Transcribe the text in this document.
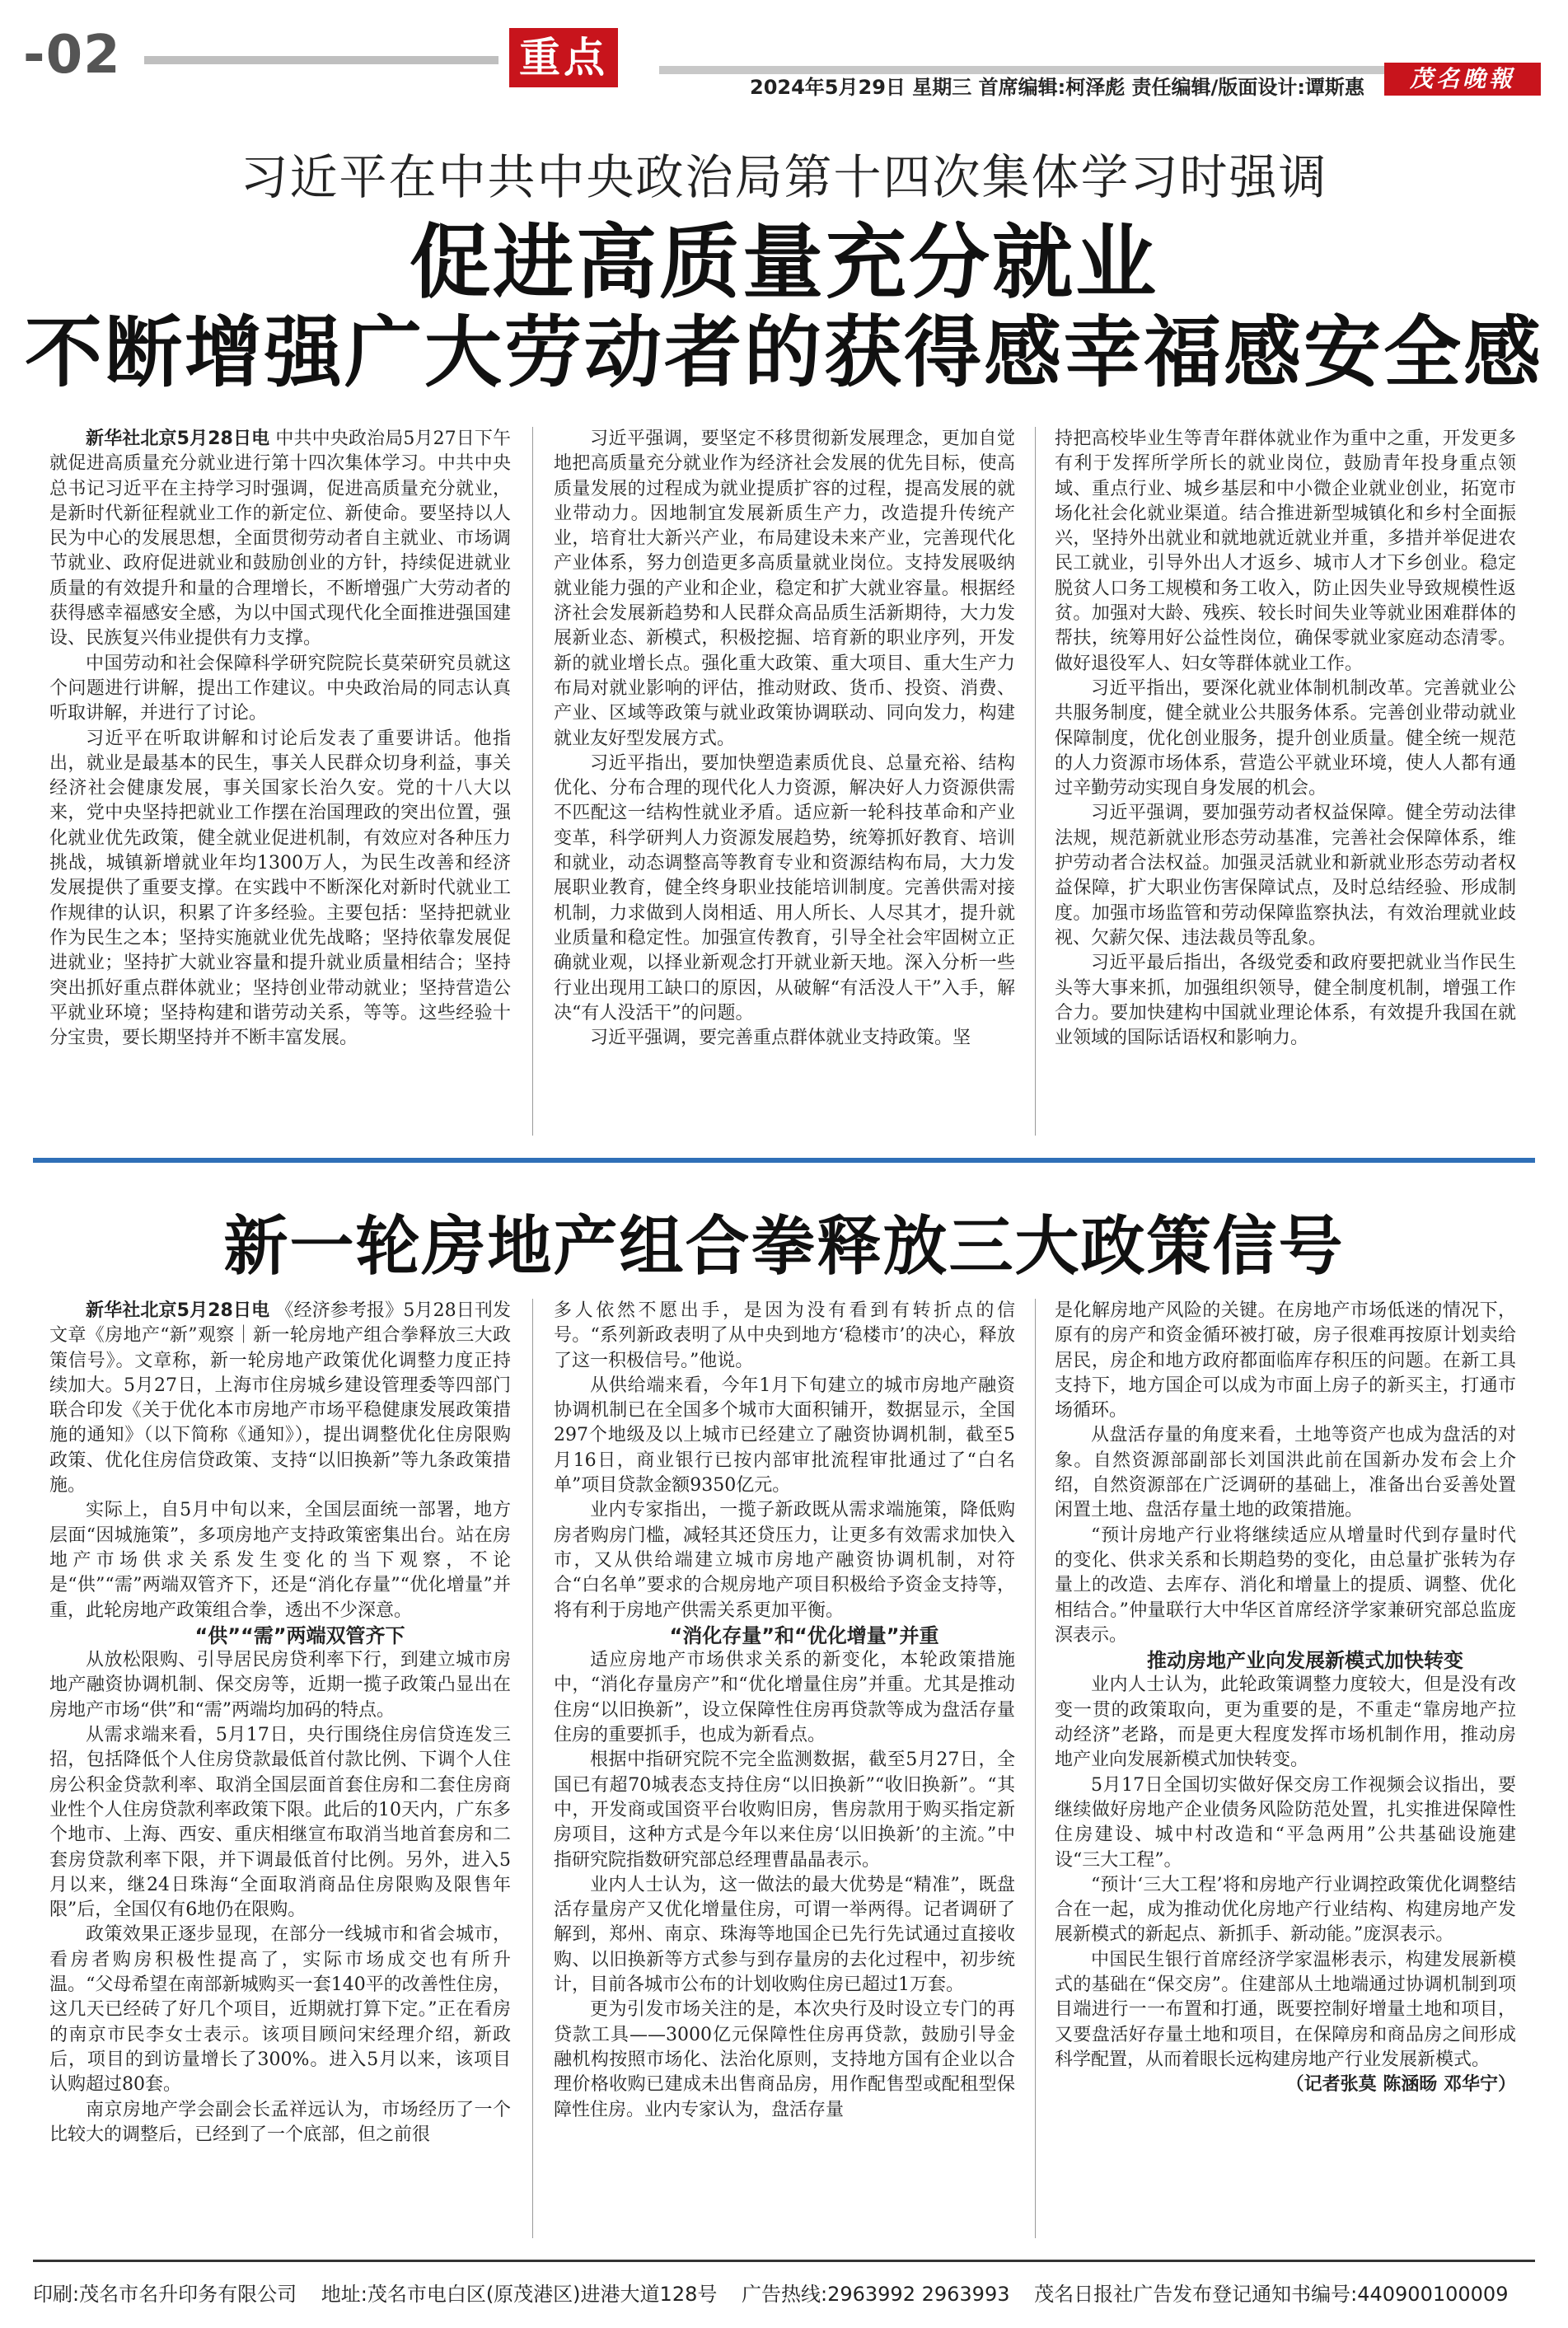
-02	重点
2024年5月29日 星期三 首席编辑:柯泽彪 责任编辑/版面设计:谭斯惠	茂名晚報
习近平在中共中央政治局第十四次集体学习时强调
促进高质量充分就业
不断增强广大劳动者的获得感幸福感安全感

新华社北京5月28日电 中共中央政治局5月27日下午就促进高质量充分就业进行第十四次集体学习。中共中央总书记习近平在主持学习时强调，促进高质量充分就业，是新时代新征程就业工作的新定位、新使命。要坚持以人民为中心的发展思想，全面贯彻劳动者自主就业、市场调节就业、政府促进就业和鼓励创业的方针，持续促进就业质量的有效提升和量的合理增长，不断增强广大劳动者的获得感幸福感安全感，为以中国式现代化全面推进强国建设、民族复兴伟业提供有力支撑。

中国劳动和社会保障科学研究院院长莫荣研究员就这个问题进行讲解，提出工作建议。中央政治局的同志认真听取讲解，并进行了讨论。

习近平在听取讲解和讨论后发表了重要讲话。他指出，就业是最基本的民生，事关人民群众切身利益，事关经济社会健康发展，事关国家长治久安。党的十八大以来，党中央坚持把就业工作摆在治国理政的突出位置，强化就业优先政策，健全就业促进机制，有效应对各种压力挑战，城镇新增就业年均1300万人，为民生改善和经济发展提供了重要支撑。在实践中不断深化对新时代就业工作规律的认识，积累了许多经验。主要包括：坚持把就业作为民生之本；坚持实施就业优先战略；坚持依靠发展促进就业；坚持扩大就业容量和提升就业质量相结合；坚持突出抓好重点群体就业；坚持创业带动就业；坚持营造公平就业环境；坚持构建和谐劳动关系，等等。这些经验十分宝贵，要长期坚持并不断丰富发展。

习近平强调，要坚定不移贯彻新发展理念，更加自觉地把高质量充分就业作为经济社会发展的优先目标，使高质量发展的过程成为就业提质扩容的过程，提高发展的就业带动力。因地制宜发展新质生产力，改造提升传统产业，培育壮大新兴产业，布局建设未来产业，完善现代化产业体系，努力创造更多高质量就业岗位。支持发展吸纳就业能力强的产业和企业，稳定和扩大就业容量。根据经济社会发展新趋势和人民群众高品质生活新期待，大力发展新业态、新模式，积极挖掘、培育新的职业序列，开发新的就业增长点。强化重大政策、重大项目、重大生产力布局对就业影响的评估，推动财政、货币、投资、消费、产业、区域等政策与就业政策协调联动、同向发力，构建就业友好型发展方式。

习近平指出，要加快塑造素质优良、总量充裕、结构优化、分布合理的现代化人力资源，解决好人力资源供需不匹配这一结构性就业矛盾。适应新一轮科技革命和产业变革，科学研判人力资源发展趋势，统筹抓好教育、培训和就业，动态调整高等教育专业和资源结构布局，大力发展职业教育，健全终身职业技能培训制度。完善供需对接机制，力求做到人岗相适、用人所长、人尽其才，提升就业质量和稳定性。加强宣传教育，引导全社会牢固树立正确就业观，以择业新观念打开就业新天地。深入分析一些行业出现用工缺口的原因，从破解“有活没人干”入手，解决“有人没活干”的问题。

习近平强调，要完善重点群体就业支持政策。坚

持把高校毕业生等青年群体就业作为重中之重，开发更多有利于发挥所学所长的就业岗位，鼓励青年投身重点领域、重点行业、城乡基层和中小微企业就业创业，拓宽市场化社会化就业渠道。结合推进新型城镇化和乡村全面振兴，坚持外出就业和就地就近就业并重，多措并举促进农民工就业，引导外出人才返乡、城市人才下乡创业。稳定脱贫人口务工规模和务工收入，防止因失业导致规模性返贫。加强对大龄、残疾、较长时间失业等就业困难群体的帮扶，统筹用好公益性岗位，确保零就业家庭动态清零。做好退役军人、妇女等群体就业工作。

习近平指出，要深化就业体制机制改革。完善就业公共服务制度，健全就业公共服务体系。完善创业带动就业保障制度，优化创业服务，提升创业质量。健全统一规范的人力资源市场体系，营造公平就业环境，使人人都有通过辛勤劳动实现自身发展的机会。

习近平强调，要加强劳动者权益保障。健全劳动法律法规，规范新就业形态劳动基准，完善社会保障体系，维护劳动者合法权益。加强灵活就业和新就业形态劳动者权益保障，扩大职业伤害保障试点，及时总结经验、形成制度。加强市场监管和劳动保障监察执法，有效治理就业歧视、欠薪欠保、违法裁员等乱象。

习近平最后指出，各级党委和政府要把就业当作民生头等大事来抓，加强组织领导，健全制度机制，增强工作合力。要加快建构中国就业理论体系，有效提升我国在就业领域的国际话语权和影响力。

新一轮房地产组合拳释放三大政策信号

新华社北京5月28日电 《经济参考报》5月28日刊发文章《房地产“新”观察｜新一轮房地产组合拳释放三大政策信号》。文章称，新一轮房地产政策优化调整力度正持续加大。5月27日，上海市住房城乡建设管理委等四部门联合印发《关于优化本市房地产市场平稳健康发展政策措施的通知》（以下简称《通知》），提出调整优化住房限购政策、优化住房信贷政策、支持“以旧换新”等九条政策措施。

实际上，自5月中旬以来，全国层面统一部署，地方层面“因城施策”，多项房地产支持政策密集出台。站在房地产市场供求关系发生变化的当下观察，不论是“供”“需”两端双管齐下，还是“消化存量”“优化增量”并重，此轮房地产政策组合拳，透出不少深意。

“供”“需”两端双管齐下

从放松限购、引导居民房贷利率下行，到建立城市房地产融资协调机制、保交房等，近期一揽子政策凸显出在房地产市场“供”和“需”两端均加码的特点。

从需求端来看，5月17日，央行围绕住房信贷连发三招，包括降低个人住房贷款最低首付款比例、下调个人住房公积金贷款利率、取消全国层面首套住房和二套住房商业性个人住房贷款利率政策下限。此后的10天内，广东多个地市、上海、西安、重庆相继宣布取消当地首套房和二套房贷款利率下限，并下调最低首付比例。另外，进入5月以来，继24日珠海“全面取消商品住房限购及限售年限”后，全国仅有6地仍在限购。

政策效果正逐步显现，在部分一线城市和省会城市，看房者购房积极性提高了，实际市场成交也有所升温。“父母希望在南部新城购买一套140平的改善性住房，这几天已经砖了好几个项目，近期就打算下定。”正在看房的南京市民李女士表示。该项目顾问宋经理介绍，新政后，项目的到访量增长了300%。进入5月以来，该项目认购超过80套。

南京房地产学会副会长孟祥远认为，市场经历了一个比较大的调整后，已经到了一个底部，但之前很

多人依然不愿出手，是因为没有看到有转折点的信号。“系列新政表明了从中央到地方‘稳楼市’的决心，释放了这一积极信号。”他说。

从供给端来看，今年1月下旬建立的城市房地产融资协调机制已在全国多个城市大面积铺开，数据显示，全国297个地级及以上城市已经建立了融资协调机制，截至5月16日，商业银行已按内部审批流程审批通过了“白名单”项目贷款金额9350亿元。

业内专家指出，一揽子新政既从需求端施策，降低购房者购房门槛，减轻其还贷压力，让更多有效需求加快入市，又从供给端建立城市房地产融资协调机制，对符合“白名单”要求的合规房地产项目积极给予资金支持等，将有利于房地产供需关系更加平衡。

“消化存量”和“优化增量”并重

适应房地产市场供求关系的新变化，本轮政策措施中，“消化存量房产”和“优化增量住房”并重。尤其是推动住房“以旧换新”，设立保障性住房再贷款等成为盘活存量住房的重要抓手，也成为新看点。

根据中指研究院不完全监测数据，截至5月27日，全国已有超70城表态支持住房“以旧换新”“收旧换新”。“其中，开发商或国资平台收购旧房，售房款用于购买指定新房项目，这种方式是今年以来住房‘以旧换新’的主流。”中指研究院指数研究部总经理曹晶晶表示。

业内人士认为，这一做法的最大优势是“精准”，既盘活存量房产又优化增量住房，可谓一举两得。记者调研了解到，郑州、南京、珠海等地国企已先行先试通过直接收购、以旧换新等方式参与到存量房的去化过程中，初步统计，目前各城市公布的计划收购住房已超过1万套。

更为引发市场关注的是，本次央行及时设立专门的再贷款工具——3000亿元保障性住房再贷款，鼓励引导金融机构按照市场化、法治化原则，支持地方国有企业以合理价格收购已建成未出售商品房，用作配售型或配租型保障性住房。业内专家认为，盘活存量

是化解房地产风险的关键。在房地产市场低迷的情况下，原有的房产和资金循环被打破，房子很难再按原计划卖给居民，房企和地方政府都面临库存积压的问题。在新工具支持下，地方国企可以成为市面上房子的新买主，打通市场循环。

从盘活存量的角度来看，土地等资产也成为盘活的对象。自然资源部副部长刘国洪此前在国新办发布会上介绍，自然资源部在广泛调研的基础上，准备出台妥善处置闲置土地、盘活存量土地的政策措施。

“预计房地产行业将继续适应从增量时代到存量时代的变化、供求关系和长期趋势的变化，由总量扩张转为存量上的改造、去库存、消化和增量上的提质、调整、优化相结合。”仲量联行大中华区首席经济学家兼研究部总监庞溟表示。

推动房地产业向发展新模式加快转变

业内人士认为，此轮政策调整力度较大，但是没有改变一贯的政策取向，更为重要的是，不重走“靠房地产拉动经济”老路，而是更大程度发挥市场机制作用，推动房地产业向发展新模式加快转变。

5月17日全国切实做好保交房工作视频会议指出，要继续做好房地产企业债务风险防范处置，扎实推进保障性住房建设、城中村改造和“平急两用”公共基础设施建设“三大工程”。

“预计‘三大工程’将和房地产行业调控政策优化调整结合在一起，成为推动优化房地产行业结构、构建房地产发展新模式的新起点、新抓手、新动能。”庞溟表示。

中国民生银行首席经济学家温彬表示，构建发展新模式的基础在“保交房”。住建部从土地端通过协调机制到项目端进行一一布置和打通，既要控制好增量土地和项目，又要盘活好存量土地和项目，在保障房和商品房之间形成科学配置，从而着眼长远构建房地产行业发展新模式。

（记者张莫 陈涵旸 邓华宁）

印刷:茂名市名升印务有限公司 地址:茂名市电白区(原茂港区)进港大道128号 广告热线:2963992 2963993 茂名日报社广告发布登记通知书编号:440900100009
